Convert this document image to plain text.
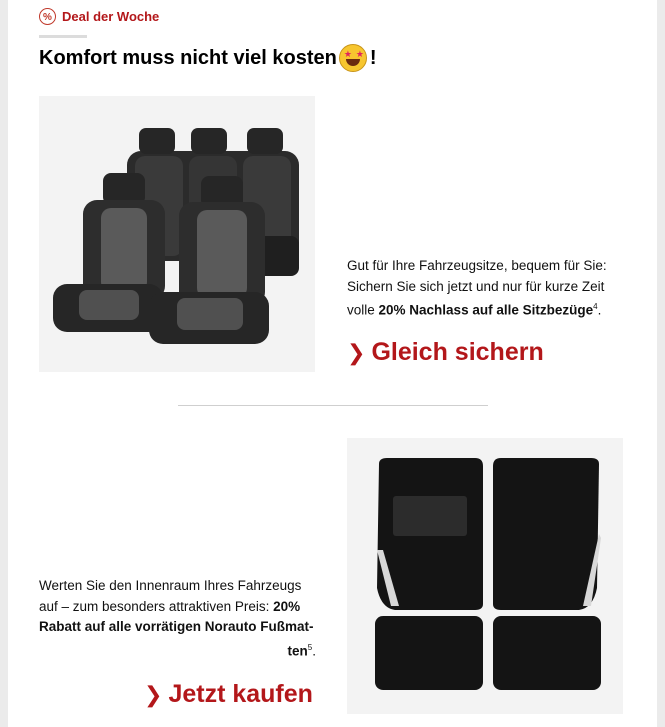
% Deal der Woche
Komfort muss nicht viel kosten ★ ★ !
Gut für Ihre Fahrzeugsitze, bequem für Sie: Sichern Sie sich jetzt und nur für kurze Zeit volle 20% Nachlass auf alle Sitzbezüge$^4$.
❯ Gleich sichern
Werten Sie den Innenraum Ihres Fahrzeugs auf – zum besonders attraktiven Preis: 20% Rabatt auf alle vorrätigen Norauto Fußmat-
ten$^5$.
❯ Jetzt kaufen
